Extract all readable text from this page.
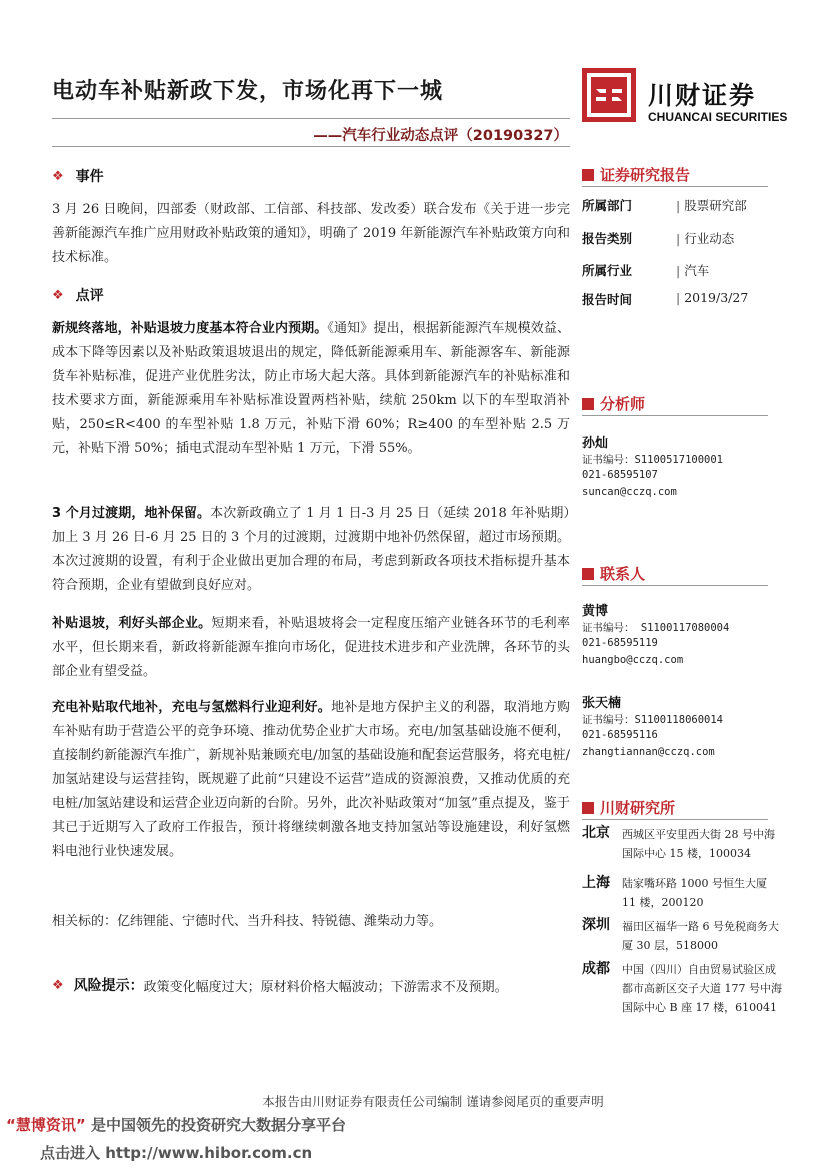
电动车补贴新政下发，市场化再下一城
——汽车行业动态点评（20190327）
川财证券
CHUANCAI SECURITIES
❖ 事件
3 月 26 日晚间，四部委（财政部、工信部、科技部、发改委）联合发布《关于进一步完善新能源汽车推广应用财政补贴政策的通知》，明确了 2019 年新能源汽车补贴政策方向和技术标准。
❖ 点评
新规终落地，补贴退坡力度基本符合业内预期。《通知》提出，根据新能源汽车规模效益、成本下降等因素以及补贴政策退坡退出的规定，降低新能源乘用车、新能源客车、新能源货车补贴标准，促进产业优胜劣汰，防止市场大起大落。具体到新能源汽车的补贴标准和技术要求方面，新能源乘用车补贴标准设置两档补贴，续航 250km 以下的车型取消补贴，250≤R<400 的车型补贴 1.8 万元，补贴下滑 60%；R≥400 的车型补贴 2.5 万元，补贴下滑 50%；插电式混动车型补贴 1 万元，下滑 55%。
3 个月过渡期，地补保留。本次新政确立了 1 月 1 日-3 月 25 日（延续 2018 年补贴期）加上 3 月 26 日-6 月 25 日的 3 个月的过渡期，过渡期中地补仍然保留，超过市场预期。本次过渡期的设置，有利于企业做出更加合理的布局，考虑到新政各项技术指标提升基本符合预期，企业有望做到良好应对。
补贴退坡，利好头部企业。短期来看，补贴退坡将会一定程度压缩产业链各环节的毛利率水平，但长期来看，新政将新能源车推向市场化，促进技术进步和产业洗牌，各环节的头部企业有望受益。
充电补贴取代地补，充电与氢燃料行业迎利好。地补是地方保护主义的利器，取消地方购车补贴有助于营造公平的竞争环境、推动优势企业扩大市场。充电/加氢基础设施不便利，直接制约新能源汽车推广，新规补贴兼顾充电/加氢的基础设施和配套运营服务，将充电桩/加氢站建设与运营挂钩，既规避了此前“只建设不运营”造成的资源浪费，又推动优质的充电桩/加氢站建设和运营企业迈向新的台阶。另外，此次补贴政策对“加氢”重点提及，鉴于其已于近期写入了政府工作报告，预计将继续刺激各地支持加氢站等设施建设，利好氢燃料电池行业快速发展。
相关标的：亿纬锂能、宁德时代、当升科技、特锐德、潍柴动力等。
❖ 风险提示： 政策变化幅度过大；原材料价格大幅波动；下游需求不及预期。
证券研究报告
所属部门	| 股票研究部
报告类别	| 行业动态
所属行业	| 汽车
报告时间	| 2019/3/27
分析师
孙灿
证书编号：S1100517100001
021-68595107
suncan@cczq.com
联系人
黄博
证书编号： S1100117080004
021-68595119
huangbo@cczq.com
张天楠
证书编号：S1100118060014
021-68595116
zhangtiannan@cczq.com
川财研究所
北京 西城区平安里西大街 28 号中海国际中心 15 楼，100034
上海 陆家嘴环路 1000 号恒生大厦 11 楼，200120
深圳 福田区福华一路 6 号免税商务大厦 30 层，518000
成都 中国（四川）自由贸易试验区成都市高新区交子大道 177 号中海国际中心 B 座 17 楼，610041
本报告由川财证券有限责任公司编制 谨请参阅尾页的重要声明
“慧博资讯” 是中国领先的投资研究大数据分享平台
点击进入 http://www.hibor.com.cn
